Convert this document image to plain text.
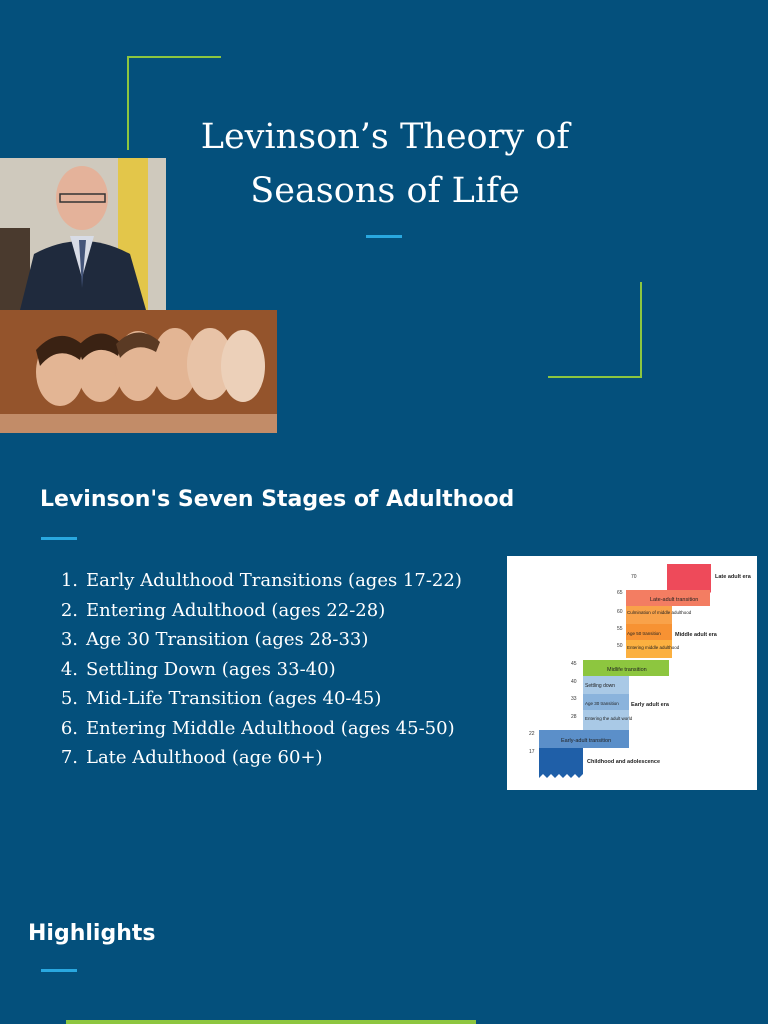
Levinson’s Theory of
Seasons of Life
Levinson's Seven Stages of Adulthood
1. Early Adulthood Transitions (ages 17-22)
2. Entering Adulthood (ages 22-28)
3. Age 30 Transition (ages 28-33)
4. Settling Down (ages 33-40)
5. Mid-Life Transition (ages 40-45)
6. Entering Middle Adulthood (ages 45-50)
7. Late Adulthood (age 60+)
70
65
60
55
50
45
40
33
28
22
17
Late-adult transition
Culmination of middle adulthood
Age 50 transition
Entering middle adulthood
Midlife transition
Settling down
Age 30 transition
Entering the adult world
Early-adult transition
Late adult era
Middle adult era
Early adult era
Childhood and adolescence
Highlights
